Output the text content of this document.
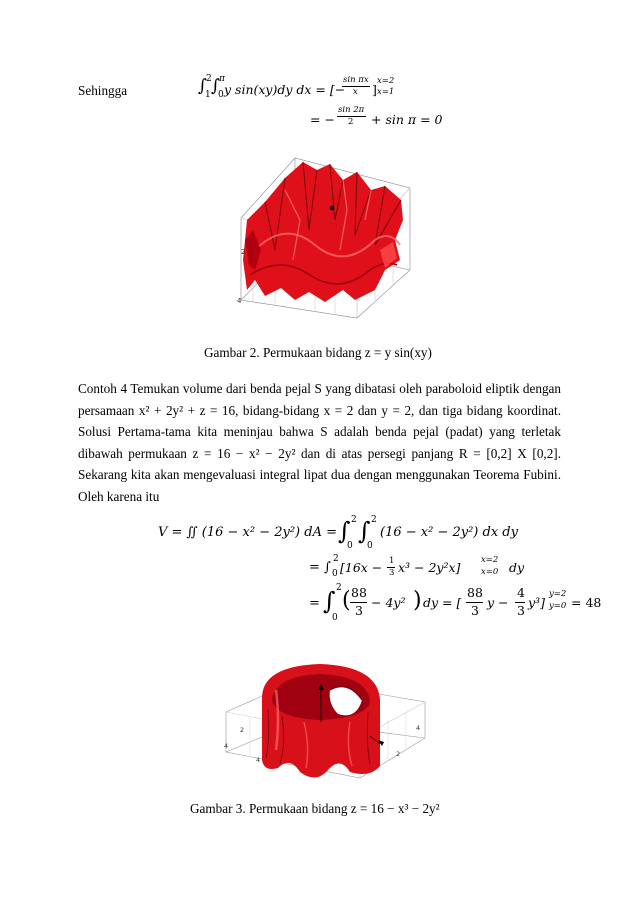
Sehingga	∫ 2
1 ∫ π
0 y sin(xy)dy dx = [−
sin πx
x ]
x=2
x=1
= −
sin 2π
2 + sin π = 0
4
2
Gambar 2. Permukaan bidang z = y sin(xy)
Contoh 4 Temukan volume dari benda pejal S yang dibatasi oleh paraboloid eliptik dengan
persamaan x² + 2y² + z = 16, bidang-bidang x = 2 dan y = 2, dan tiga bidang koordinat.
Solusi Pertama-tama kita meninjau bahwa S adalah benda pejal (padat) yang terletak
dibawah permukaan z = 16 − x² − 2y² dan di atas persegi panjang R = [0,2] X [0,2].
Sekarang kita akan mengevaluasi integral lipat dua dengan menggunakan Teorema Fubini.
Oleh karena itu
V = ∬ (16 − x² − 2y²) dA = ∫ 2
0
∫ 2
0
(16 − x² − 2y²) dx dy
= ∫
2
0 [16x − 1
3 x³ − 2y²x] x=2
x=0 dy
= ∫ 2
0
( 88
3
− 4y² ) dy = [
88
3
y −
4
3
y³]
y=2
y=0 = 48
4
2
4
2
4
Gambar 3. Permukaan bidang z = 16 − x³ − 2y²
